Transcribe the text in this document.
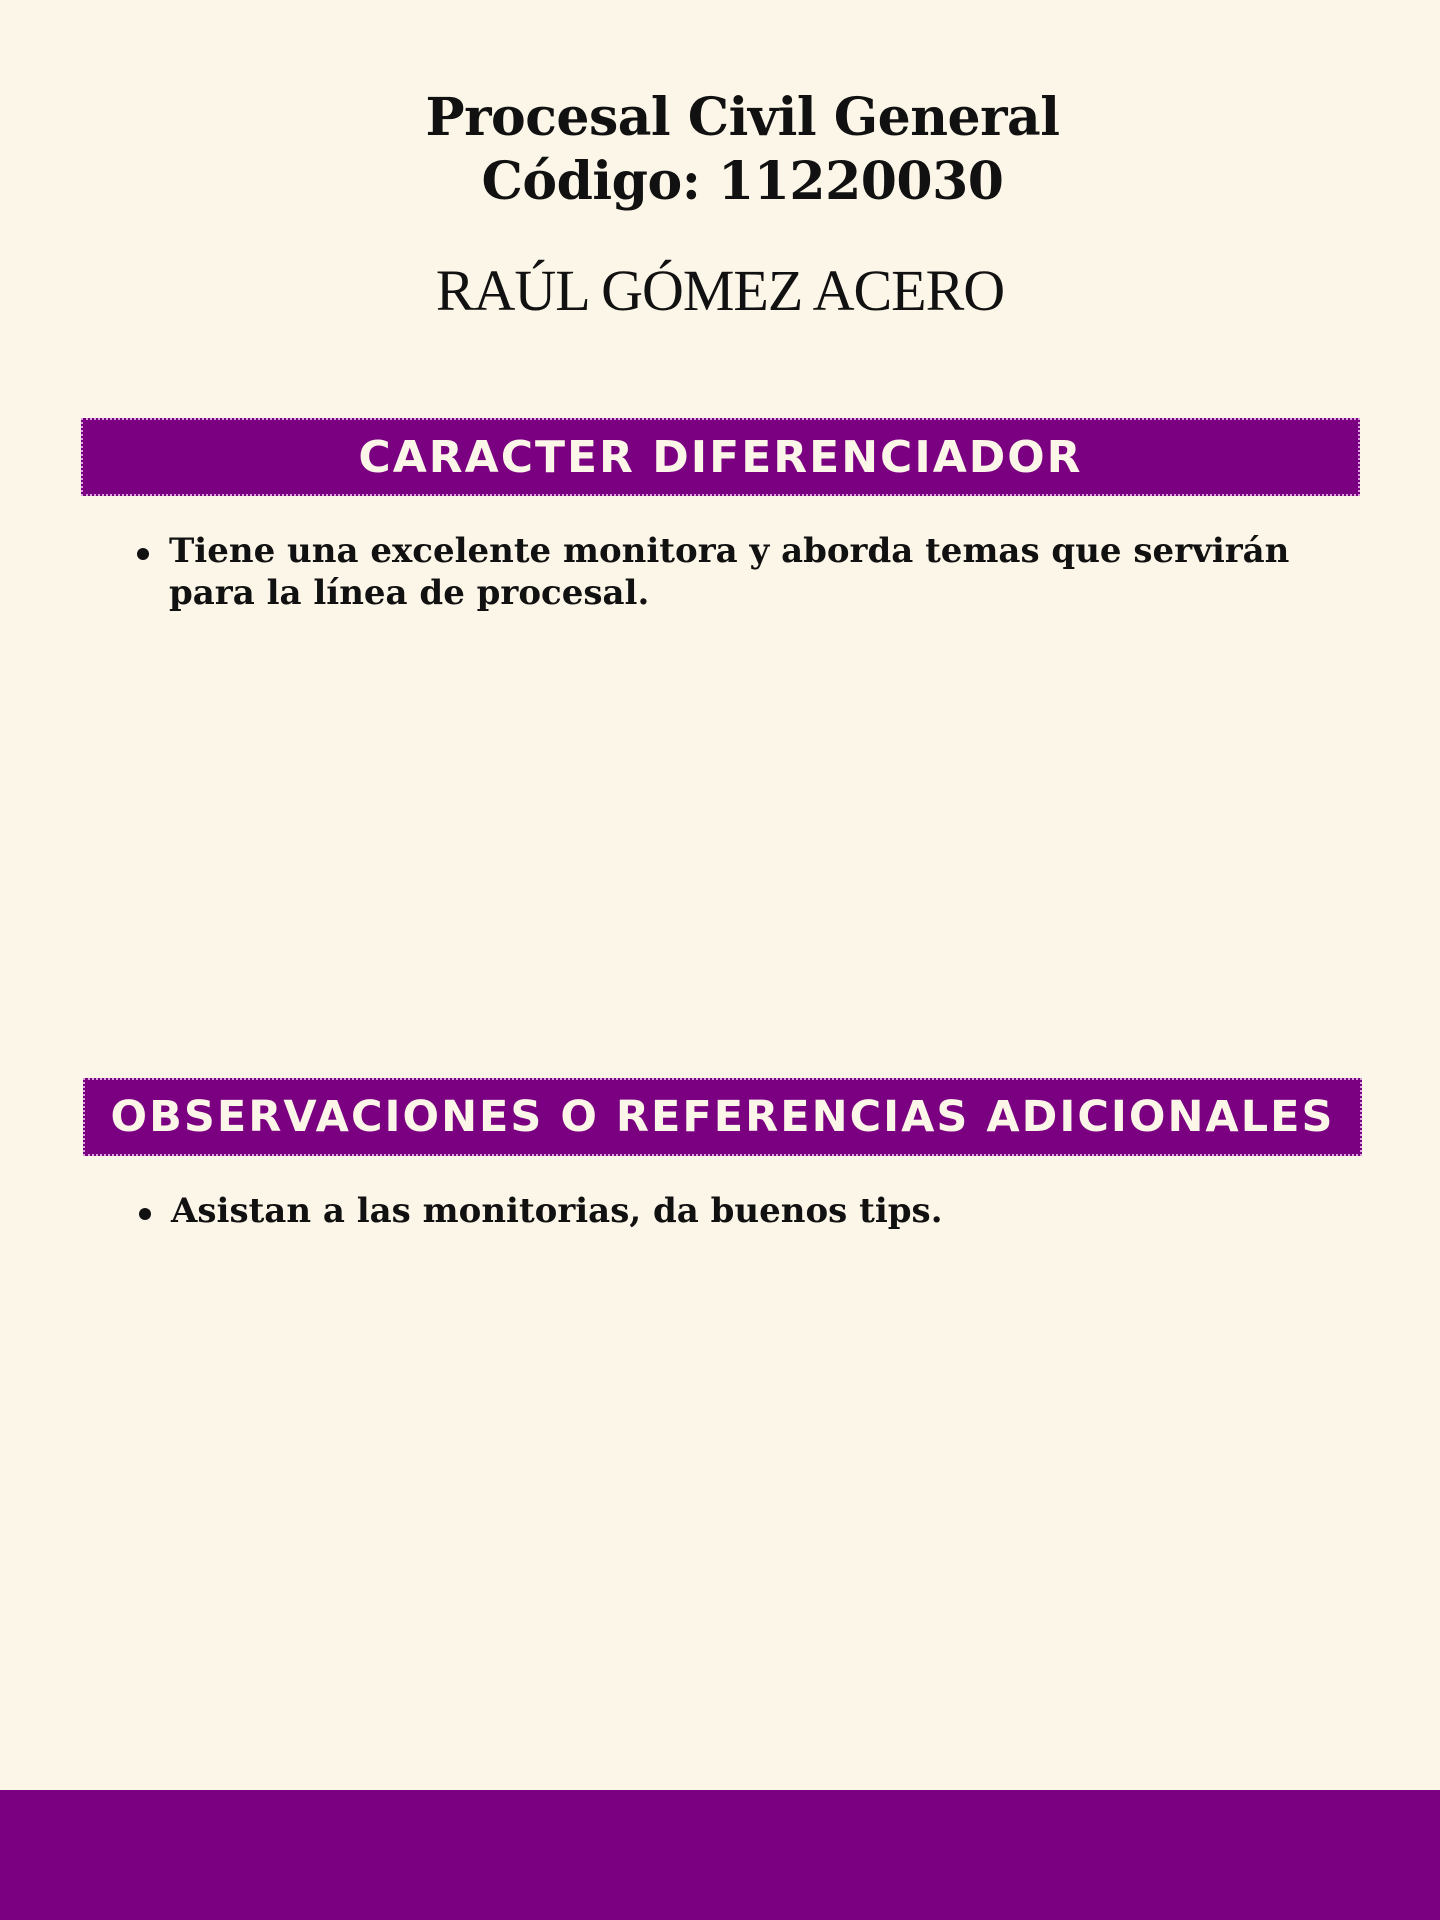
Procesal Civil General
Código: 11220030
RAÚL GÓMEZ ACERO
CARACTER DIFERENCIADOR
Tiene una excelente monitora y aborda temas que servirán para la línea de procesal.
OBSERVACIONES O REFERENCIAS ADICIONALES
Asistan a las monitorias, da buenos tips.
